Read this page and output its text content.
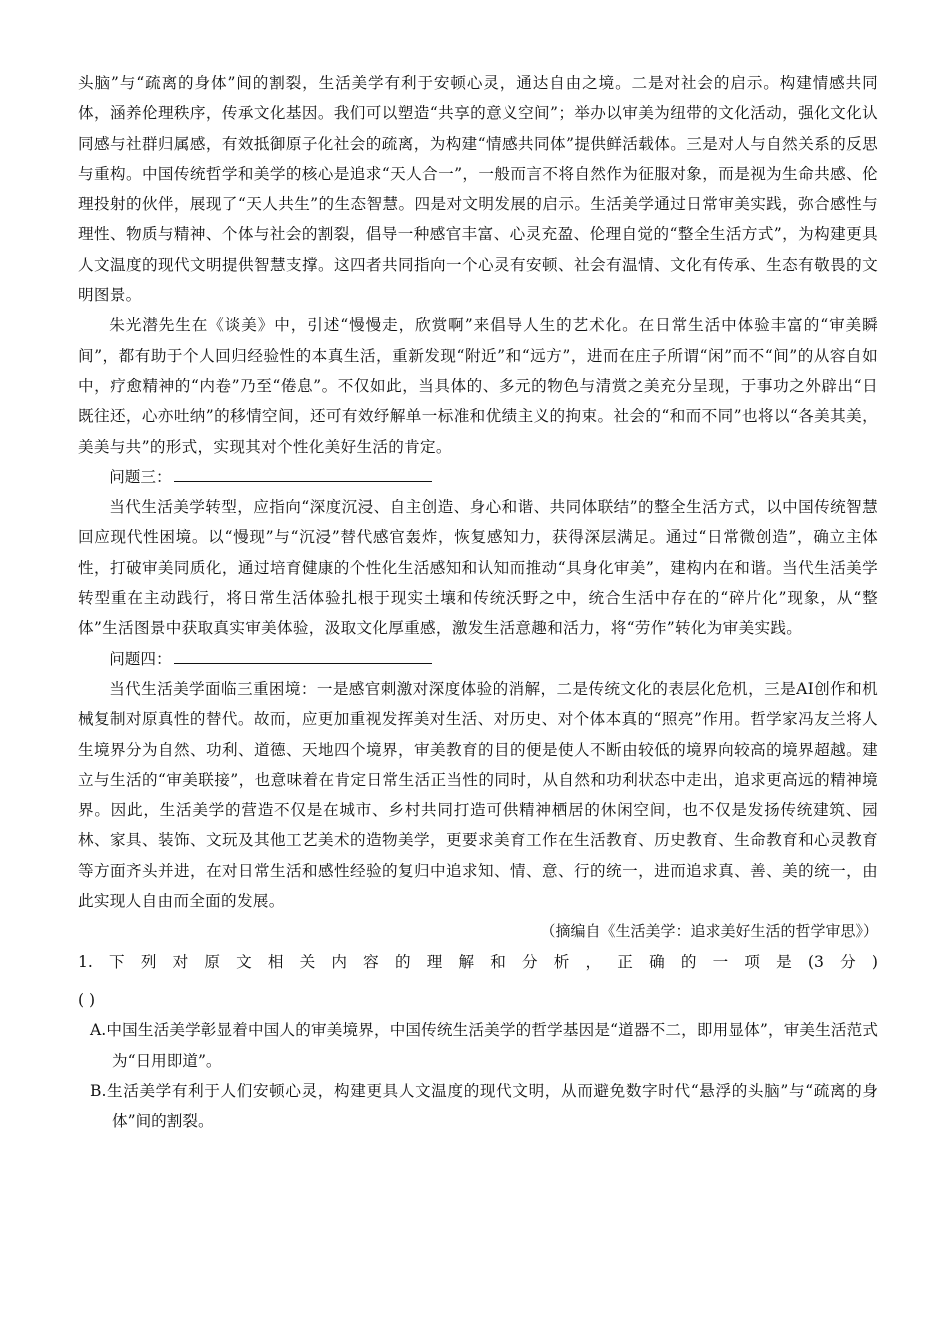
头脑”与“疏离的身体”间的割裂，生活美学有利于安顿心灵，通达自由之境。二是对社会的启示。构建情感共同体，涵养伦理秩序，传承文化基因。我们可以塑造“共享的意义空间”；举办以审美为纽带的文化活动，强化文化认同感与社群归属感，有效抵御原子化社会的疏离，为构建“情感共同体”提供鲜活载体。三是对人与自然关系的反思与重构。中国传统哲学和美学的核心是追求“天人合一”，一般而言不将自然作为征服对象，而是视为生命共感、伦理投射的伙伴，展现了“天人共生”的生态智慧。四是对文明发展的启示。生活美学通过日常审美实践，弥合感性与理性、物质与精神、个体与社会的割裂，倡导一种感官丰富、心灵充盈、伦理自觉的“整全生活方式”，为构建更具人文温度的现代文明提供智慧支撑。这四者共同指向一个心灵有安顿、社会有温情、文化有传承、生态有敬畏的文明图景。

朱光潜先生在《谈美》中，引述“慢慢走，欣赏啊”来倡导人生的艺术化。在日常生活中体验丰富的“审美瞬间”，都有助于个人回归经验性的本真生活，重新发现“附近”和“远方”，进而在庄子所谓“闲”而不“间”的从容自如中，疗愈精神的“内卷”乃至“倦息”。不仅如此，当具体的、多元的物色与清赏之美充分呈现，于事功之外辟出“日既往还，心亦吐纳”的移情空间，还可有效纾解单一标准和优绩主义的拘束。社会的“和而不同”也将以“各美其美，美美与共”的形式，实现其对个性化美好生活的肯定。

问题三：

当代生活美学转型，应指向“深度沉浸、自主创造、身心和谐、共同体联结”的整全生活方式，以中国传统智慧回应现代性困境。以“慢现”与“沉浸”替代感官轰炸，恢复感知力，获得深层满足。通过“日常微创造”，确立主体性，打破审美同质化，通过培育健康的个性化生活感知和认知而推动“具身化审美”，建构内在和谐。当代生活美学转型重在主动践行，将日常生活体验扎根于现实土壤和传统沃野之中，统合生活中存在的“碎片化”现象，从“整体”生活图景中获取真实审美体验，汲取文化厚重感，激发生活意趣和活力，将“劳作”转化为审美实践。

问题四：

当代生活美学面临三重困境：一是感官刺激对深度体验的消解，二是传统文化的表层化危机，三是AI创作和机械复制对原真性的替代。故而，应更加重视发挥美对生活、对历史、对个体本真的“照亮”作用。哲学家冯友兰将人生境界分为自然、功利、道德、天地四个境界，审美教育的目的便是使人不断由较低的境界向较高的境界超越。建立与生活的“审美联接”，也意味着在肯定日常生活正当性的同时，从自然和功利状态中走出，追求更高远的精神境界。因此，生活美学的营造不仅是在城市、乡村共同打造可供精神栖居的休闲空间，也不仅是发扬传统建筑、园林、家具、装饰、文玩及其他工艺美术的造物美学，更要求美育工作在生活教育、历史教育、生命教育和心灵教育等方面齐头并进，在对日常生活和感性经验的复归中追求知、情、意、行的统一，进而追求真、善、美的统一，由此实现人自由而全面的发展。

（摘编自《生活美学：追求美好生活的哲学审思》）

1. 下 列 对 原 文 相 关 内 容 的 理 解 和 分 析 ， 正 确 的 一 项 是 (3 分 )

( )

A.中国生活美学彰显着中国人的审美境界，中国传统生活美学的哲学基因是“道器不二，即用显体”，审美生活范式为“日用即道”。

B.生活美学有利于人们安顿心灵，构建更具人文温度的现代文明，从而避免数字时代“悬浮的头脑”与“疏离的身体”间的割裂。
